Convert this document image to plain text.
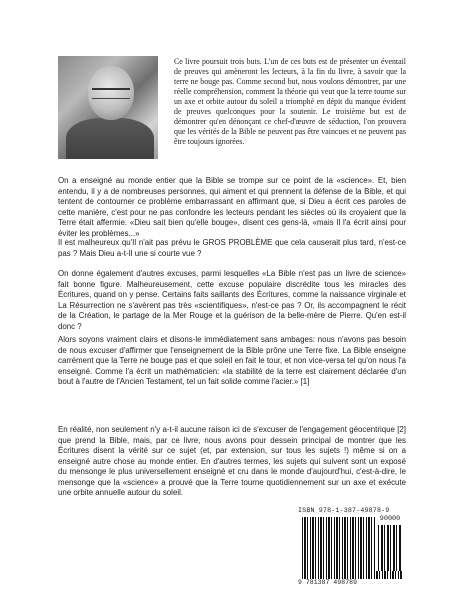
Ce livre poursuit trois buts. L'un de ces buts est de présenter un éventail de preuves qui amèneront les lecteurs, à la fin du livre, à savoir que la terre ne bouge pas. Comme second but, nous voulons démontrer, par une réelle compréhension, comment la théorie qui veut que la terre tourne sur un axe et orbite autour du soleil a triomphé en dépit du manque évident de preuves quelconques pour la soutenir. Le troisième but est de démontrer qu'en dénonçant ce chef-d'œuvre de séduction, l'on prouvera que les vérités de la Bible ne peuvent pas être vaincues et ne peuvent pas être toujours ignorées.

On a enseigné au monde entier que la Bible se trompe sur ce point de la «science». Et, bien entendu, il y a de nombreuses personnes, qui aiment et qui prennent la défense de la Bible, et qui tentent de contourner ce problème embarrassant en affirmant que, si Dieu a écrit ces paroles de cette manière, c'est pour ne pas confondre les lecteurs pendant les siècles où ils croyaient que la Terre était affermie. «Dieu sait bien qu'elle bouge», disent ces gens-là, «mais Il l'a écrit ainsi pour éviter les problèmes...»

Il est malheureux qu'Il n'ait pas prévu le GROS PROBLÈME que cela causerait plus tard, n'est-ce pas ? Mais Dieu a-t-Il une si courte vue ?

On donne également d'autres excuses, parmi lesquelles «La Bible n'est pas un livre de science» fait bonne figure. Malheureusement, cette excuse populaire discrédite tous les miracles des Écritures, quand on y pense. Certains faits saillants des Écritures, comme la naissance virginale et La Résurrection ne s'avèrent pas très «scientifiques», n'est-ce pas ? Or, ils accompagnent le récit de la Création, le partage de la Mer Rouge et la guérison de la belle-mère de Pierre. Qu'en est-il donc ?

Alors soyons vraiment clairs et disons-le immédiatement sans ambages: nous n'avons pas besoin de nous excuser d'affirmer que l'enseignement de la Bible prône une Terre fixe. La Bible enseigne carrément que la Terre ne bouge pas et que soleil en fait le tour, et non vice-versa tel qu'on nous l'a enseigné. Comme l'a écrit un mathématicien: «la stabilité de la terre est clairement déclarée d'un bout à l'autre de l'Ancien Testament, tel un fait solide comme l'acier.» [1]

En réalité, non seulement n'y a-t-il aucune raison ici de s'excuser de l'engagement géocentrique [2] que prend la Bible, mais, par ce livre, nous avons pour dessein principal de montrer que les Écritures disent la vérité sur ce sujet (et, par extension, sur tous les sujets !) même si on a enseigné autre chose au monde entier. En d'autres termes, les sujets qui suivent sont un exposé du mensonge le plus universellement enseigné et cru dans le monde d'aujourd'hui, c'est-à-dire, le mensonge que la «science» a prouvé que la Terre tourne quotidiennement sur un axe et exécute une orbite annuelle autour du soleil.

ISBN 978-1-387-49878-9
90000
9 781387 498789
